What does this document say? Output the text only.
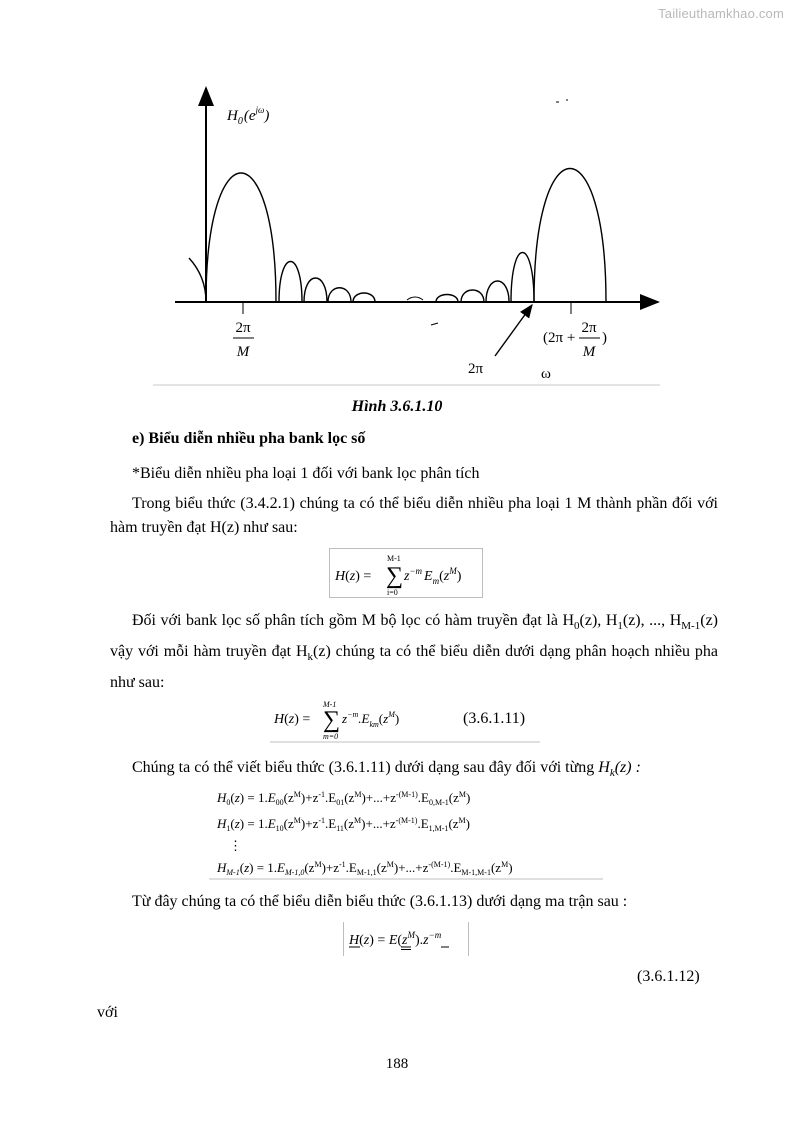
Tailieuthamkhao.com
$H_0(e^{j\omega})$
2π
M
(2π +
2π
M
)
2π	ω
Hình 3.6.1.10
e) Biểu diễn nhiều pha bank lọc số
*Biểu diễn nhiều pha loại 1 đối với bank lọc phân tích
Trong biểu thức (3.4.2.1) chúng ta có thể biểu diễn nhiều pha loại 1 M thành phần đối với hàm truyền đạt H(z) như sau:
H(z) = ∑
M-1
i=0
$z^{-m}$ $E_m(z^M)$
Đối với bank lọc số phân tích gồm M bộ lọc có hàm truyền đạt là $H_0(z)$, $H_1(z)$, ..., $H_{M-1}(z)$ vậy với mỗi hàm truyền đạt $H_k(z)$ chúng ta có thể biểu diễn dưới dạng phân hoạch nhiều pha như sau:
H(z) = ∑
M-1
m=0
$z^{-m}.E_{km}(z^M)$	(3.6.1.11)
Chúng ta có thể viết biểu thức (3.6.1.11) dưới dạng sau đây đối với từng $H_k(z)$ :
$H_0(z) = 1.E_{00}(z^M)+z^{-1}.E_{01}(z^M)+...+z^{-(M-1)}.E_{0,M-1}(z^M)$
$H_1(z) = 1.E_{10}(z^M)+z^{-1}.E_{11}(z^M)+...+z^{-(M-1)}.E_{1,M-1}(z^M)$
⋮
$H_{M-1}(z) = 1.E_{M-1,0}(z^M)+z^{-1}.E_{M-1,1}(z^M)+...+z^{-(M-1)}.E_{M-1,M-1}(z^M)$
Từ đây chúng ta có thể biểu diễn biểu thức (3.6.1.13) dưới dạng ma trận sau :
$H(z) = E(z^M).z^{-m}$
(3.6.1.12)
với
188
